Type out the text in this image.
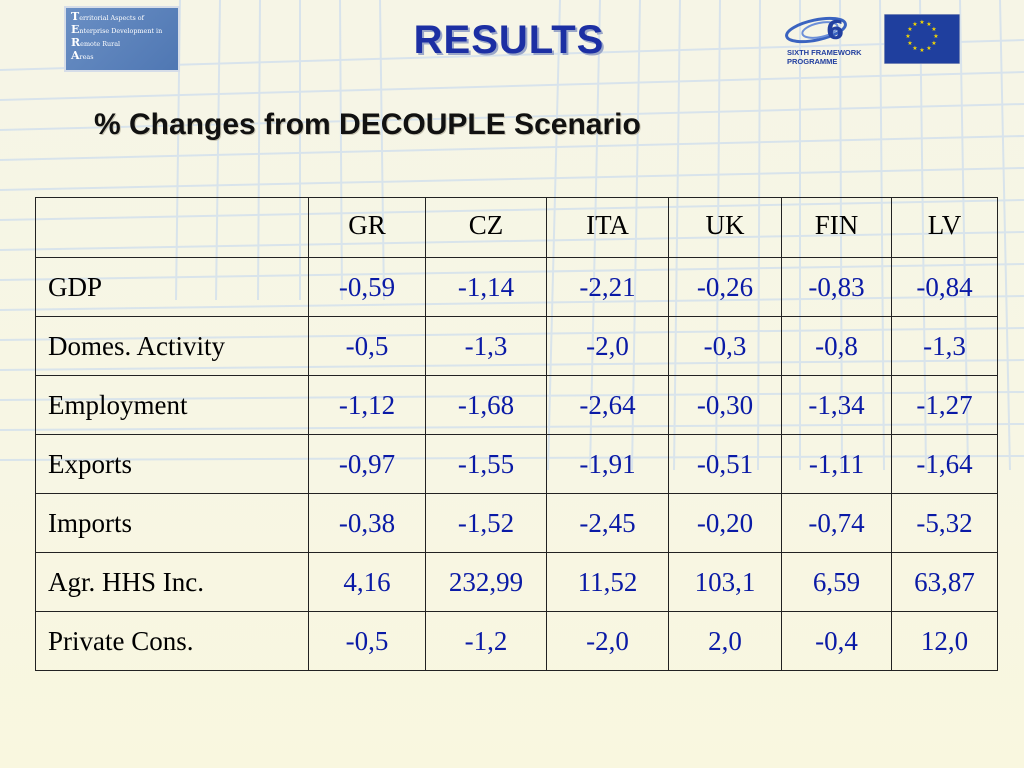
Territorial Aspects of
Enterprise Development in
Remote Rural
Areas	RESULTS	6
SIXTH FRAMEWORK
PROGRAMME
★ ★
★
★
★
★
★
★
★
★
★
★
% Changes from DECOUPLE Scenario
	GR	CZ	ITA	UK	FIN	LV
GDP	-0,59	-1,14	-2,21	-0,26	-0,83	-0,84
Domes. Activity	-0,5	-1,3	-2,0	-0,3	-0,8	-1,3
Employment	-1,12	-1,68	-2,64	-0,30	-1,34	-1,27
Exports	-0,97	-1,55	-1,91	-0,51	-1,11	-1,64
Imports	-0,38	-1,52	-2,45	-0,20	-0,74	-5,32
Agr. HHS Inc.	4,16	232,99	11,52	103,1	6,59	63,87
Private Cons.	-0,5	-1,2	-2,0	2,0	-0,4	12,0
